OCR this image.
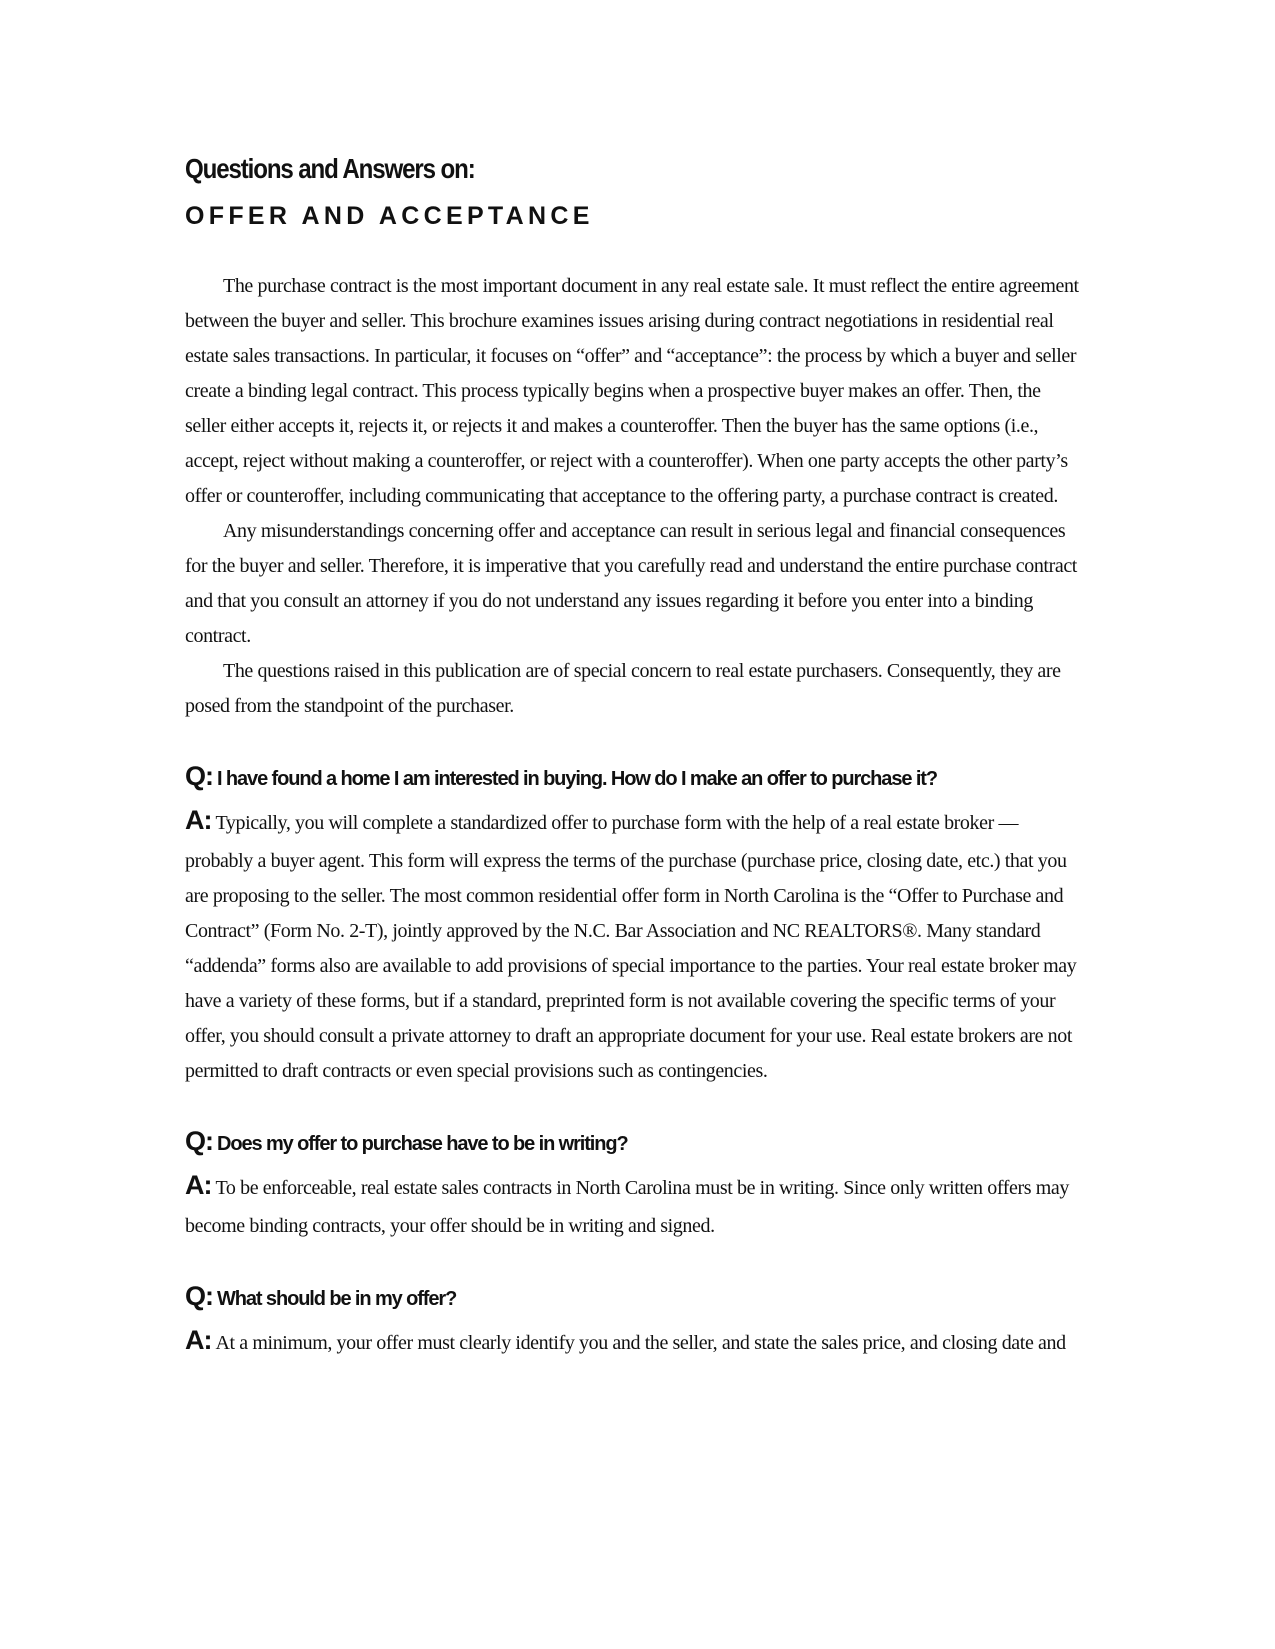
Questions and Answers on:
OFFER AND ACCEPTANCE

The purchase contract is the most important document in any real estate sale. It must reflect the entire agreement between the buyer and seller. This brochure examines issues arising during contract negotiations in residential real estate sales transactions. In particular, it focuses on “offer” and “acceptance”: the process by which a buyer and seller create a binding legal contract. This process typically begins when a prospective buyer makes an offer. Then, the seller either accepts it, rejects it, or rejects it and makes a counteroffer. Then the buyer has the same options (i.e., accept, reject without making a counteroffer, or reject with a counteroffer). When one party accepts the other party’s offer or counteroffer, including communicating that acceptance to the offering party, a purchase contract is created.

Any misunderstandings concerning offer and acceptance can result in serious legal and financial consequences for the buyer and seller. Therefore, it is imperative that you carefully read and understand the entire purchase contract and that you consult an attorney if you do not understand any issues regarding it before you enter into a binding contract.

The questions raised in this publication are of special concern to real estate purchasers. Consequently, they are posed from the standpoint of the purchaser.

Q: I have found a home I am interested in buying. How do I make an offer to purchase it?

A: Typically, you will complete a standardized offer to purchase form with the help of a real estate broker —
probably a buyer agent. This form will express the terms of the purchase (purchase price, closing date, etc.) that you are proposing to the seller. The most common residential offer form in North Carolina is the “Offer to Purchase and Contract” (Form No. 2-T), jointly approved by the N.C. Bar Association and NC REALTORS®. Many standard “addenda” forms also are available to add provisions of special importance to the parties. Your real estate broker may have a variety of these forms, but if a standard, preprinted form is not available covering the specific terms of your offer, you should consult a private attorney to draft an appropriate document for your use. Real estate brokers are not permitted to draft contracts or even special provisions such as contingencies.

Q: Does my offer to purchase have to be in writing?

A: To be enforceable, real estate sales contracts in North Carolina must be in writing. Since only written offers may
become binding contracts, your offer should be in writing and signed.

Q: What should be in my offer?

A: At a minimum, your offer must clearly identify you and the seller, and state the sales price, and closing date and
